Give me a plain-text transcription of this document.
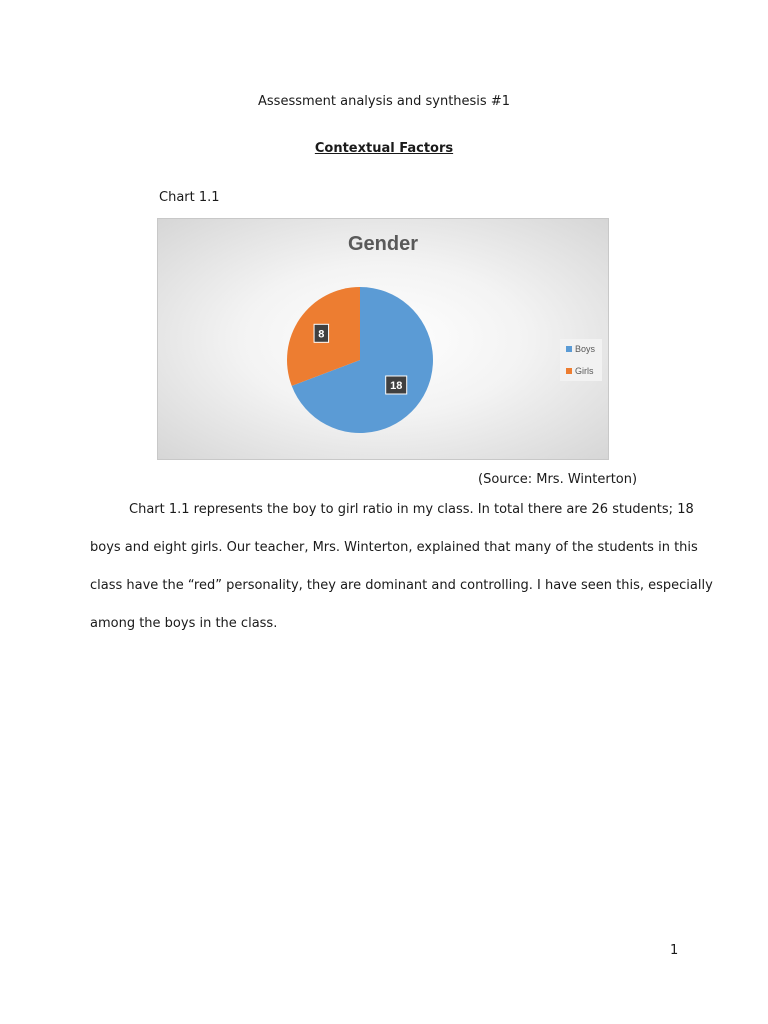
Assessment analysis and synthesis #1
Contextual Factors
Chart 1.1
Gender
18
8
Boys
Girls
(Source: Mrs. Winterton)
   Chart 1.1 represents the boy to girl ratio in my class. In total there are 26 students; 18
boys and eight girls. Our teacher, Mrs. Winterton, explained that many of the students in this
class have the “red” personality, they are dominant and controlling. I have seen this, especially
among the boys in the class.
1
